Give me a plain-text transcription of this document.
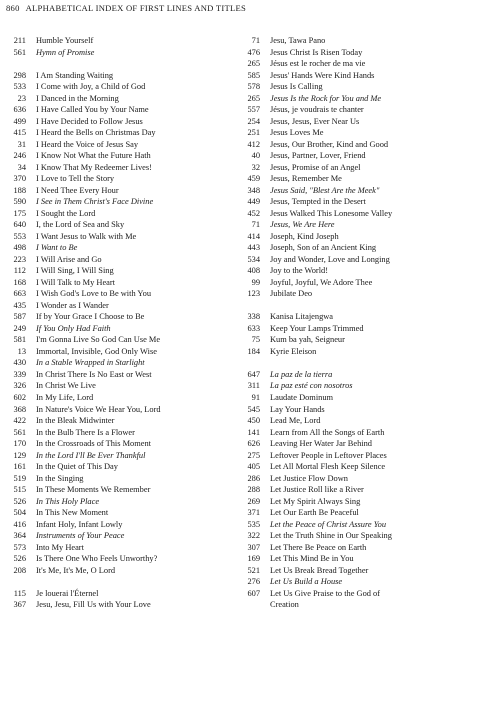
860 ALPHABETICAL INDEX OF FIRST LINES AND TITLES
211 Humble Yourself
561 Hymn of Promise
298 I Am Standing Waiting
533 I Come with Joy, a Child of God
23 I Danced in the Morning
636 I Have Called You by Your Name
499 I Have Decided to Follow Jesus
415 I Heard the Bells on Christmas Day
31 I Heard the Voice of Jesus Say
246 I Know Not What the Future Hath
34 I Know That My Redeemer Lives!
370 I Love to Tell the Story
188 I Need Thee Every Hour
590 I See in Them Christ's Face Divine
175 I Sought the Lord
640 I, the Lord of Sea and Sky
553 I Want Jesus to Walk with Me
498 I Want to Be
223 I Will Arise and Go
112 I Will Sing, I Will Sing
168 I Will Talk to My Heart
663 I Wish God's Love to Be with You
435 I Wonder as I Wander
587 If by Your Grace I Choose to Be
249 If You Only Had Faith
581 I'm Gonna Live So God Can Use Me
13 Immortal, Invisible, God Only Wise
430 In a Stable Wrapped in Starlight
339 In Christ There Is No East or West
326 In Christ We Live
602 In My Life, Lord
368 In Nature's Voice We Hear You, Lord
422 In the Bleak Midwinter
561 In the Bulb There Is a Flower
170 In the Crossroads of This Moment
129 In the Lord I'll Be Ever Thankful
161 In the Quiet of This Day
519 In the Singing
515 In These Moments We Remember
526 In This Holy Place
504 In This New Moment
416 Infant Holy, Infant Lowly
364 Instruments of Your Peace
573 Into My Heart
526 Is There One Who Feels Unworthy?
208 It's Me, It's Me, O Lord
115 Je louerai l'Éternel
367 Jesu, Jesu, Fill Us with Your Love
71 Jesu, Tawa Pano
476 Jesus Christ Is Risen Today
265 Jésus est le rocher de ma vie
585 Jesus' Hands Were Kind Hands
578 Jesus Is Calling
265 Jesus Is the Rock for You and Me
557 Jésus, je voudrais te chanter
254 Jesus, Jesus, Ever Near Us
251 Jesus Loves Me
412 Jesus, Our Brother, Kind and Good
40 Jesus, Partner, Lover, Friend
32 Jesus, Promise of an Angel
459 Jesus, Remember Me
348 Jesus Said, "Blest Are the Meek"
449 Jesus, Tempted in the Desert
452 Jesus Walked This Lonesome Valley
71 Jesus, We Are Here
414 Joseph, Kind Joseph
443 Joseph, Son of an Ancient King
534 Joy and Wonder, Love and Longing
408 Joy to the World!
99 Joyful, Joyful, We Adore Thee
123 Jubilate Deo
338 Kanisa Litajengwa
633 Keep Your Lamps Trimmed
75 Kum ba yah, Seigneur
184 Kyrie Eleison
647 La paz de la tierra
311 La paz esté con nosotros
91 Laudate Dominum
545 Lay Your Hands
450 Lead Me, Lord
141 Learn from All the Songs of Earth
626 Leaving Her Water Jar Behind
275 Leftover People in Leftover Places
405 Let All Mortal Flesh Keep Silence
286 Let Justice Flow Down
288 Let Justice Roll like a River
269 Let My Spirit Always Sing
371 Let Our Earth Be Peaceful
535 Let the Peace of Christ Assure You
322 Let the Truth Shine in Our Speaking
307 Let There Be Peace on Earth
169 Let This Mind Be in You
521 Let Us Break Bread Together
276 Let Us Build a House
607 Let Us Give Praise to the God of
Creation
